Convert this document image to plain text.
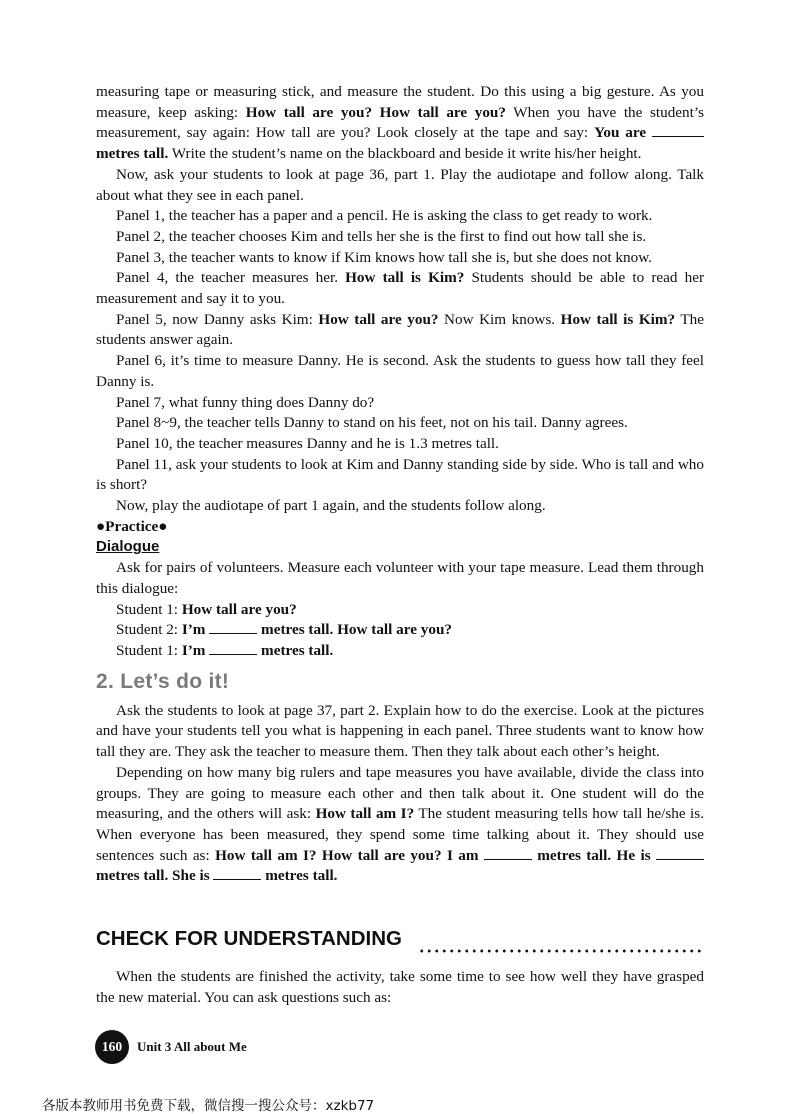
measuring tape or measuring stick, and measure the student. Do this using a big gesture. As you measure, keep asking: How tall are you? How tall are you? When you have the student’s measurement, say again: How tall are you? Look closely at the tape and say: You are  metres tall. Write the student’s name on the blackboard and beside it write his/her height.

Now, ask your students to look at page 36, part 1. Play the audiotape and follow along. Talk about what they see in each panel.

Panel 1, the teacher has a paper and a pencil. He is asking the class to get ready to work.

Panel 2, the teacher chooses Kim and tells her she is the first to find out how tall she is.

Panel 3, the teacher wants to know if Kim knows how tall she is, but she does not know.

Panel 4, the teacher measures her. How tall is Kim? Students should be able to read her measurement and say it to you.

Panel 5, now Danny asks Kim: How tall are you? Now Kim knows. How tall is Kim? The students answer again.

Panel 6, it’s time to measure Danny. He is second. Ask the students to guess how tall they feel Danny is.

Panel 7, what funny thing does Danny do?

Panel 8~9, the teacher tells Danny to stand on his feet, not on his tail. Danny agrees.

Panel 10, the teacher measures Danny and he is 1.3 metres tall.

Panel 11, ask your students to look at Kim and Danny standing side by side. Who is tall and who is short?

Now, play the audiotape of part 1 again, and the students follow along.

●Practice●

Dialogue

Ask for pairs of volunteers. Measure each volunteer with your tape measure. Lead them through this dialogue:

Student 1: How tall are you?

Student 2: I’m	metres tall. How tall are you?

Student 1: I’m	metres tall.

2. Let’s do it!

Ask the students to look at page 37, part 2. Explain how to do the exercise. Look at the pictures and have your students tell you what is happening in each panel. Three students want to know how tall they are. They ask the teacher to measure them. Then they talk about each other’s height.

Depending on how many big rulers and tape measures you have available, divide the class into groups. They are going to measure each other and then talk about it. One student will do the measuring, and the others will ask: How tall am I? The student measuring tells how tall he/she is. When everyone has been measured, they spend some time talking about it. They should use sentences such as: How tall am I? How tall are you? I am	metres tall. He is  metres tall. She is	metres tall.

CHECK FOR UNDERSTANDING

When the students are finished the activity, take some time to see how well they have grasped the new material. You can ask questions such as:

160	Unit 3 All about Me
各版本教师用书免费下载，微信搜一搜公众号：xzkb77
